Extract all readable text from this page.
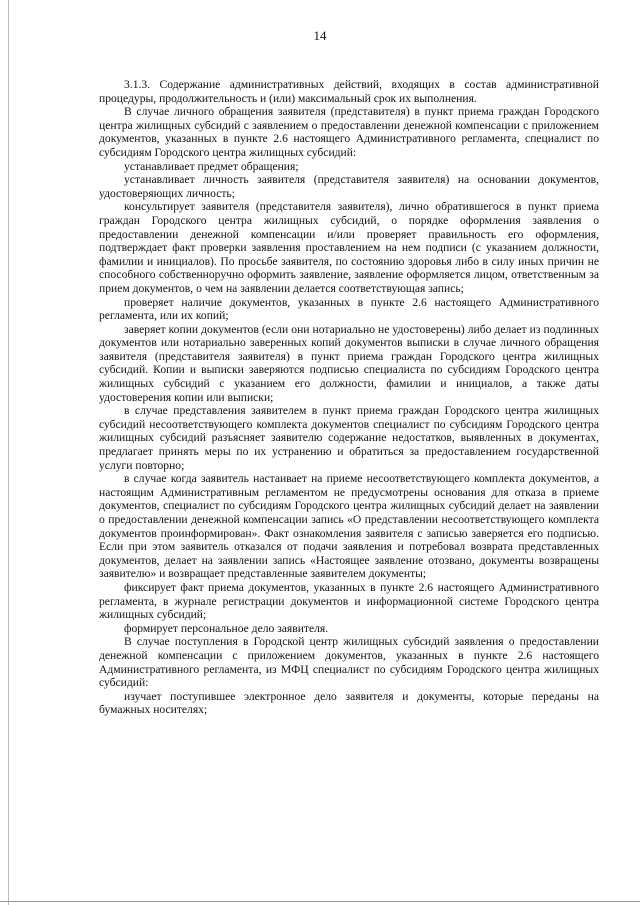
14

3.1.3. Содержание административных действий, входящих в состав административной процедуры, продолжительность и (или) максимальный срок их выполнения.

В случае личного обращения заявителя (представителя) в пункт приема граждан Городского центра жилищных субсидий с заявлением о предоставлении денежной компенсации с приложением документов, указанных в пункте 2.6 настоящего Административного регламента, специалист по субсидиям Городского центра жилищных субсидий:

устанавливает предмет обращения;

устанавливает личность заявителя (представителя заявителя) на основании документов, удостоверяющих личность;

консультирует заявителя (представителя заявителя), лично обратившегося в пункт приема граждан Городского центра жилищных субсидий, о порядке оформления заявления о предоставлении денежной компенсации и/или проверяет правильность его оформления, подтверждает факт проверки заявления проставлением на нем подписи (с указанием должности, фамилии и инициалов). По просьбе заявителя, по состоянию здоровья либо в силу иных причин не способного собственноручно оформить заявление, заявление оформляется лицом, ответственным за прием документов, о чем на заявлении делается соответствующая запись;

проверяет наличие документов, указанных в пункте 2.6 настоящего Административного регламента, или их копий;

заверяет копии документов (если они нотариально не удостоверены) либо делает из подлинных документов или нотариально заверенных копий документов выписки в случае личного обращения заявителя (представителя заявителя) в пункт приема граждан Городского центра жилищных субсидий. Копии и выписки заверяются подписью специалиста по субсидиям Городского центра жилищных субсидий с указанием его должности, фамилии и инициалов, а также даты удостоверения копии или выписки;

в случае представления заявителем в пункт приема граждан Городского центра жилищных субсидий несоответствующего комплекта документов специалист по субсидиям Городского центра жилищных субсидий разъясняет заявителю содержание недостатков, выявленных в документах, предлагает принять меры по их устранению и обратиться за предоставлением государственной услуги повторно;

в случае когда заявитель настаивает на приеме несоответствующего комплекта документов, а настоящим Административным регламентом не предусмотрены основания для отказа в приеме документов, специалист по субсидиям Городского центра жилищных субсидий делает на заявлении о предоставлении денежной компенсации запись «О представлении несоответствующего комплекта документов проинформирован». Факт ознакомления заявителя с записью заверяется его подписью. Если при этом заявитель отказался от подачи заявления и потребовал возврата представленных документов, делает на заявлении запись «Настоящее заявление отозвано, документы возвращены заявителю» и возвращает представленные заявителем документы;

фиксирует факт приема документов, указанных в пункте 2.6 настоящего Административного регламента, в журнале регистрации документов и информационной системе Городского центра жилищных субсидий;

формирует персональное дело заявителя.

В случае поступления в Городской центр жилищных субсидий заявления о предоставлении денежной компенсации с приложением документов, указанных в пункте 2.6 настоящего Административного регламента, из МФЦ специалист по субсидиям Городского центра жилищных субсидий:

изучает поступившее электронное дело заявителя и документы, которые переданы на бумажных носителях;
